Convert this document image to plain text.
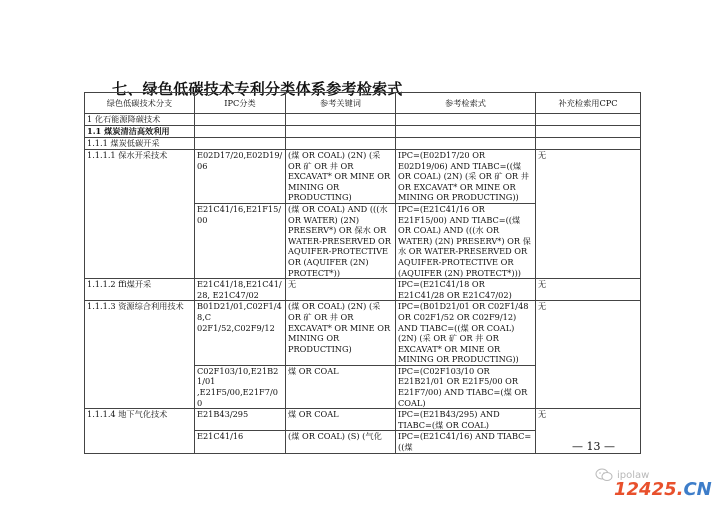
七、绿色低碳技术专利分类体系参考检索式
绿色低碳技术分支	IPC分类	参考关键词	参考检索式	补充检索用CPC
1 化石能源降碳技术				
1.1 煤炭清洁高效利用				
1.1.1 煤炭低碳开采				
1.1.1.1 保水开采技术	E02D17/20,E02D19/06	(煤 OR COAL) (2N) (采 OR 矿 OR 井 OR EXCAVAT* OR MINE OR MINING OR PRODUCTING)	IPC=(E02D17/20 OR E02D19/06) AND TIABC=((煤 OR COAL) (2N) (采 OR 矿 OR 井 OR EXCAVAT* OR MINE OR MINING OR PRODUCTING))	无
	E21C41/16,E21F15/00	(煤 OR COAL) AND (((水 OR WATER) (2N) PRESERV*) OR 保水 OR WATER-PRESERVED OR AQUIFER-PROTECTIVE OR (AQUIFER (2N) PROTECT*))	IPC=(E21C41/16 OR E21F15/00) AND TIABC=((煤 OR COAL) AND (((水 OR WATER) (2N) PRESERV*) OR 保水 OR WATER-PRESERVED OR AQUIFER-PROTECTIVE OR (AQUIFER (2N) PROTECT*)))	
1.1.1.2 ffi煤开采	E21C41/18,E21C41/28, E21C47/02	无	IPC=(E21C41/18 OR E21C41/28 OR E21C47/02)	无
1.1.1.3 资源综合利用技术	B01D21/01,C02F1/48,C 02F1/52,C02F9/12	(煤 OR COAL) (2N) (采 OR 矿 OR 井 OR EXCAVAT* OR MINE OR MINING OR PRODUCTING)	IPC=(B01D21/01 OR C02F1/48 OR C02F1/52 OR C02F9/12) AND TIABC=((煤 OR COAL) (2N) (采 OR 矿 OR 井 OR EXCAVAT* OR MINE OR MINING OR PRODUCTING))	无
	C02F103/10,E21B21/01 ,E21F5/00,E21F7/00	煤 OR COAL	IPC=(C02F103/10 OR E21B21/01 OR E21F5/00 OR E21F7/00) AND TIABC=(煤 OR COAL)	
1.1.1.4 地下气化技术	E21B43/295	煤 OR COAL	IPC=(E21B43/295) AND TIABC=(煤 OR COAL)	无
	E21C41/16	(煤 OR COAL) (S) (气化	IPC=(E21C41/16) AND TIABC=((煤		— 13 —
ipolaw
12425.CN
